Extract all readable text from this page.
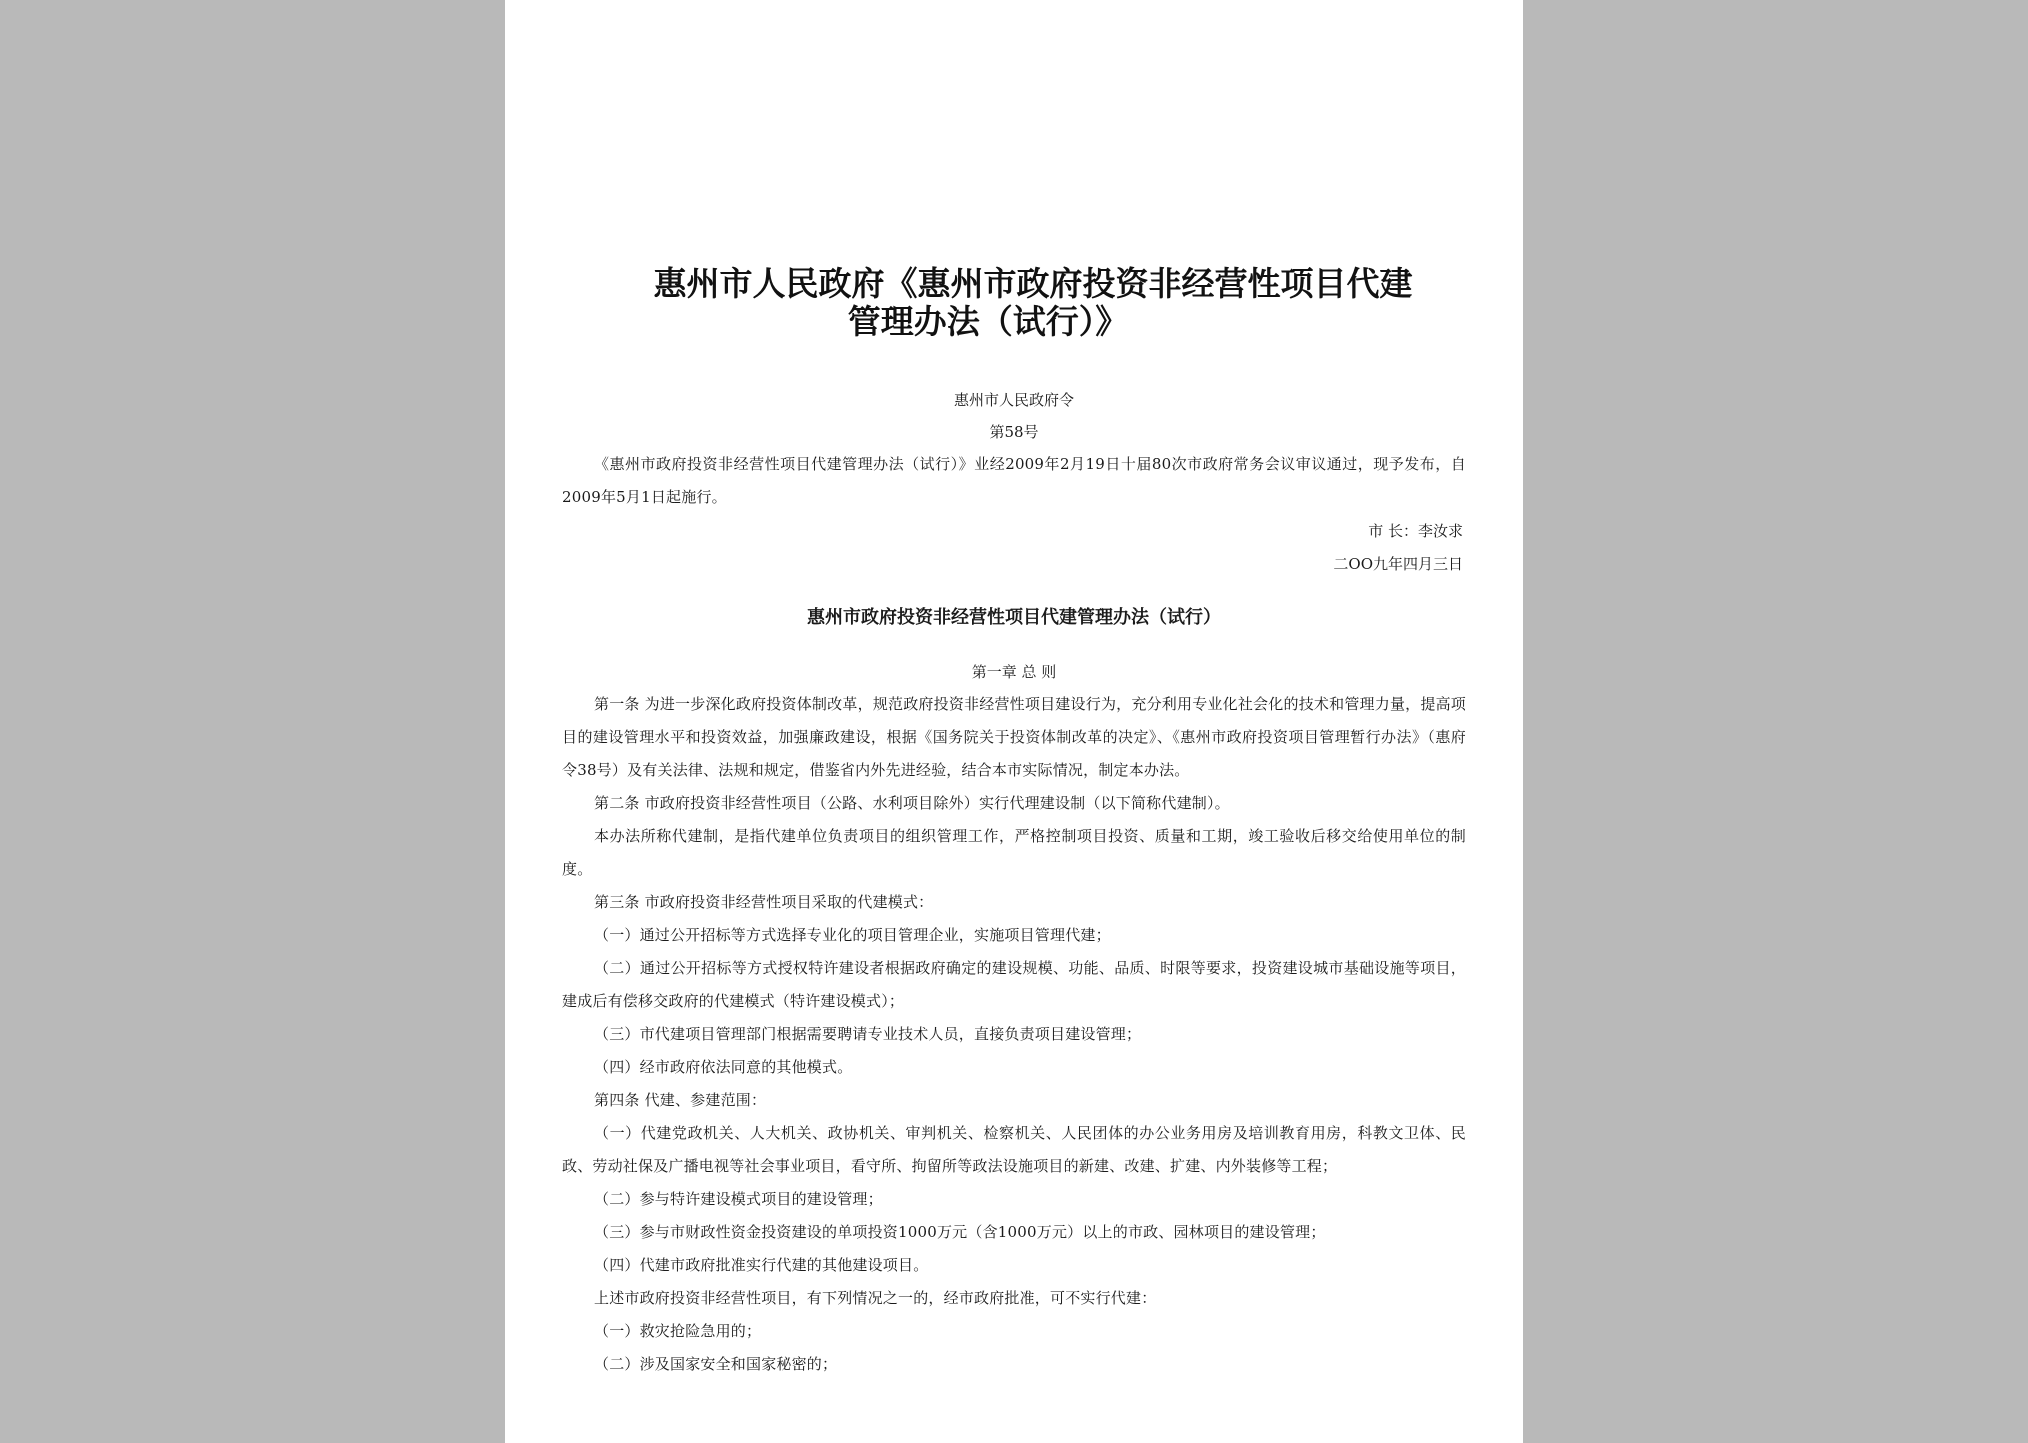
惠州市人民政府《惠州市政府投资非经营性项目代建
管理办法（试行）》

惠州市人民政府令

第58号

《惠州市政府投资非经营性项目代建管理办法（试行）》业经2009年2月19日十届80次市政府常务会议审议通过，现予发布，自2009年5月1日起施行。

市 长：李汝求

二OO九年四月三日

惠州市政府投资非经营性项目代建管理办法（试行）

第一章 总 则

第一条 为进一步深化政府投资体制改革，规范政府投资非经营性项目建设行为，充分利用专业化社会化的技术和管理力量，提高项目的建设管理水平和投资效益，加强廉政建设，根据《国务院关于投资体制改革的决定》、《惠州市政府投资项目管理暂行办法》（惠府令38号）及有关法律、法规和规定，借鉴省内外先进经验，结合本市实际情况，制定本办法。

第二条 市政府投资非经营性项目（公路、水利项目除外）实行代理建设制（以下简称代建制）。

本办法所称代建制，是指代建单位负责项目的组织管理工作，严格控制项目投资、质量和工期，竣工验收后移交给使用单位的制度。

第三条 市政府投资非经营性项目采取的代建模式：

（一）通过公开招标等方式选择专业化的项目管理企业，实施项目管理代建；

（二）通过公开招标等方式授权特许建设者根据政府确定的建设规模、功能、品质、时限等要求，投资建设城市基础设施等项目，建成后有偿移交政府的代建模式（特许建设模式）；

（三）市代建项目管理部门根据需要聘请专业技术人员，直接负责项目建设管理；

（四）经市政府依法同意的其他模式。

第四条 代建、参建范围：

（一）代建党政机关、人大机关、政协机关、审判机关、检察机关、人民团体的办公业务用房及培训教育用房，科教文卫体、民政、劳动社保及广播电视等社会事业项目，看守所、拘留所等政法设施项目的新建、改建、扩建、内外装修等工程；

（二）参与特许建设模式项目的建设管理；

（三）参与市财政性资金投资建设的单项投资1000万元（含1000万元）以上的市政、园林项目的建设管理；

（四）代建市政府批准实行代建的其他建设项目。

上述市政府投资非经营性项目，有下列情况之一的，经市政府批准，可不实行代建：

（一）救灾抢险急用的；

（二）涉及国家安全和国家秘密的；
